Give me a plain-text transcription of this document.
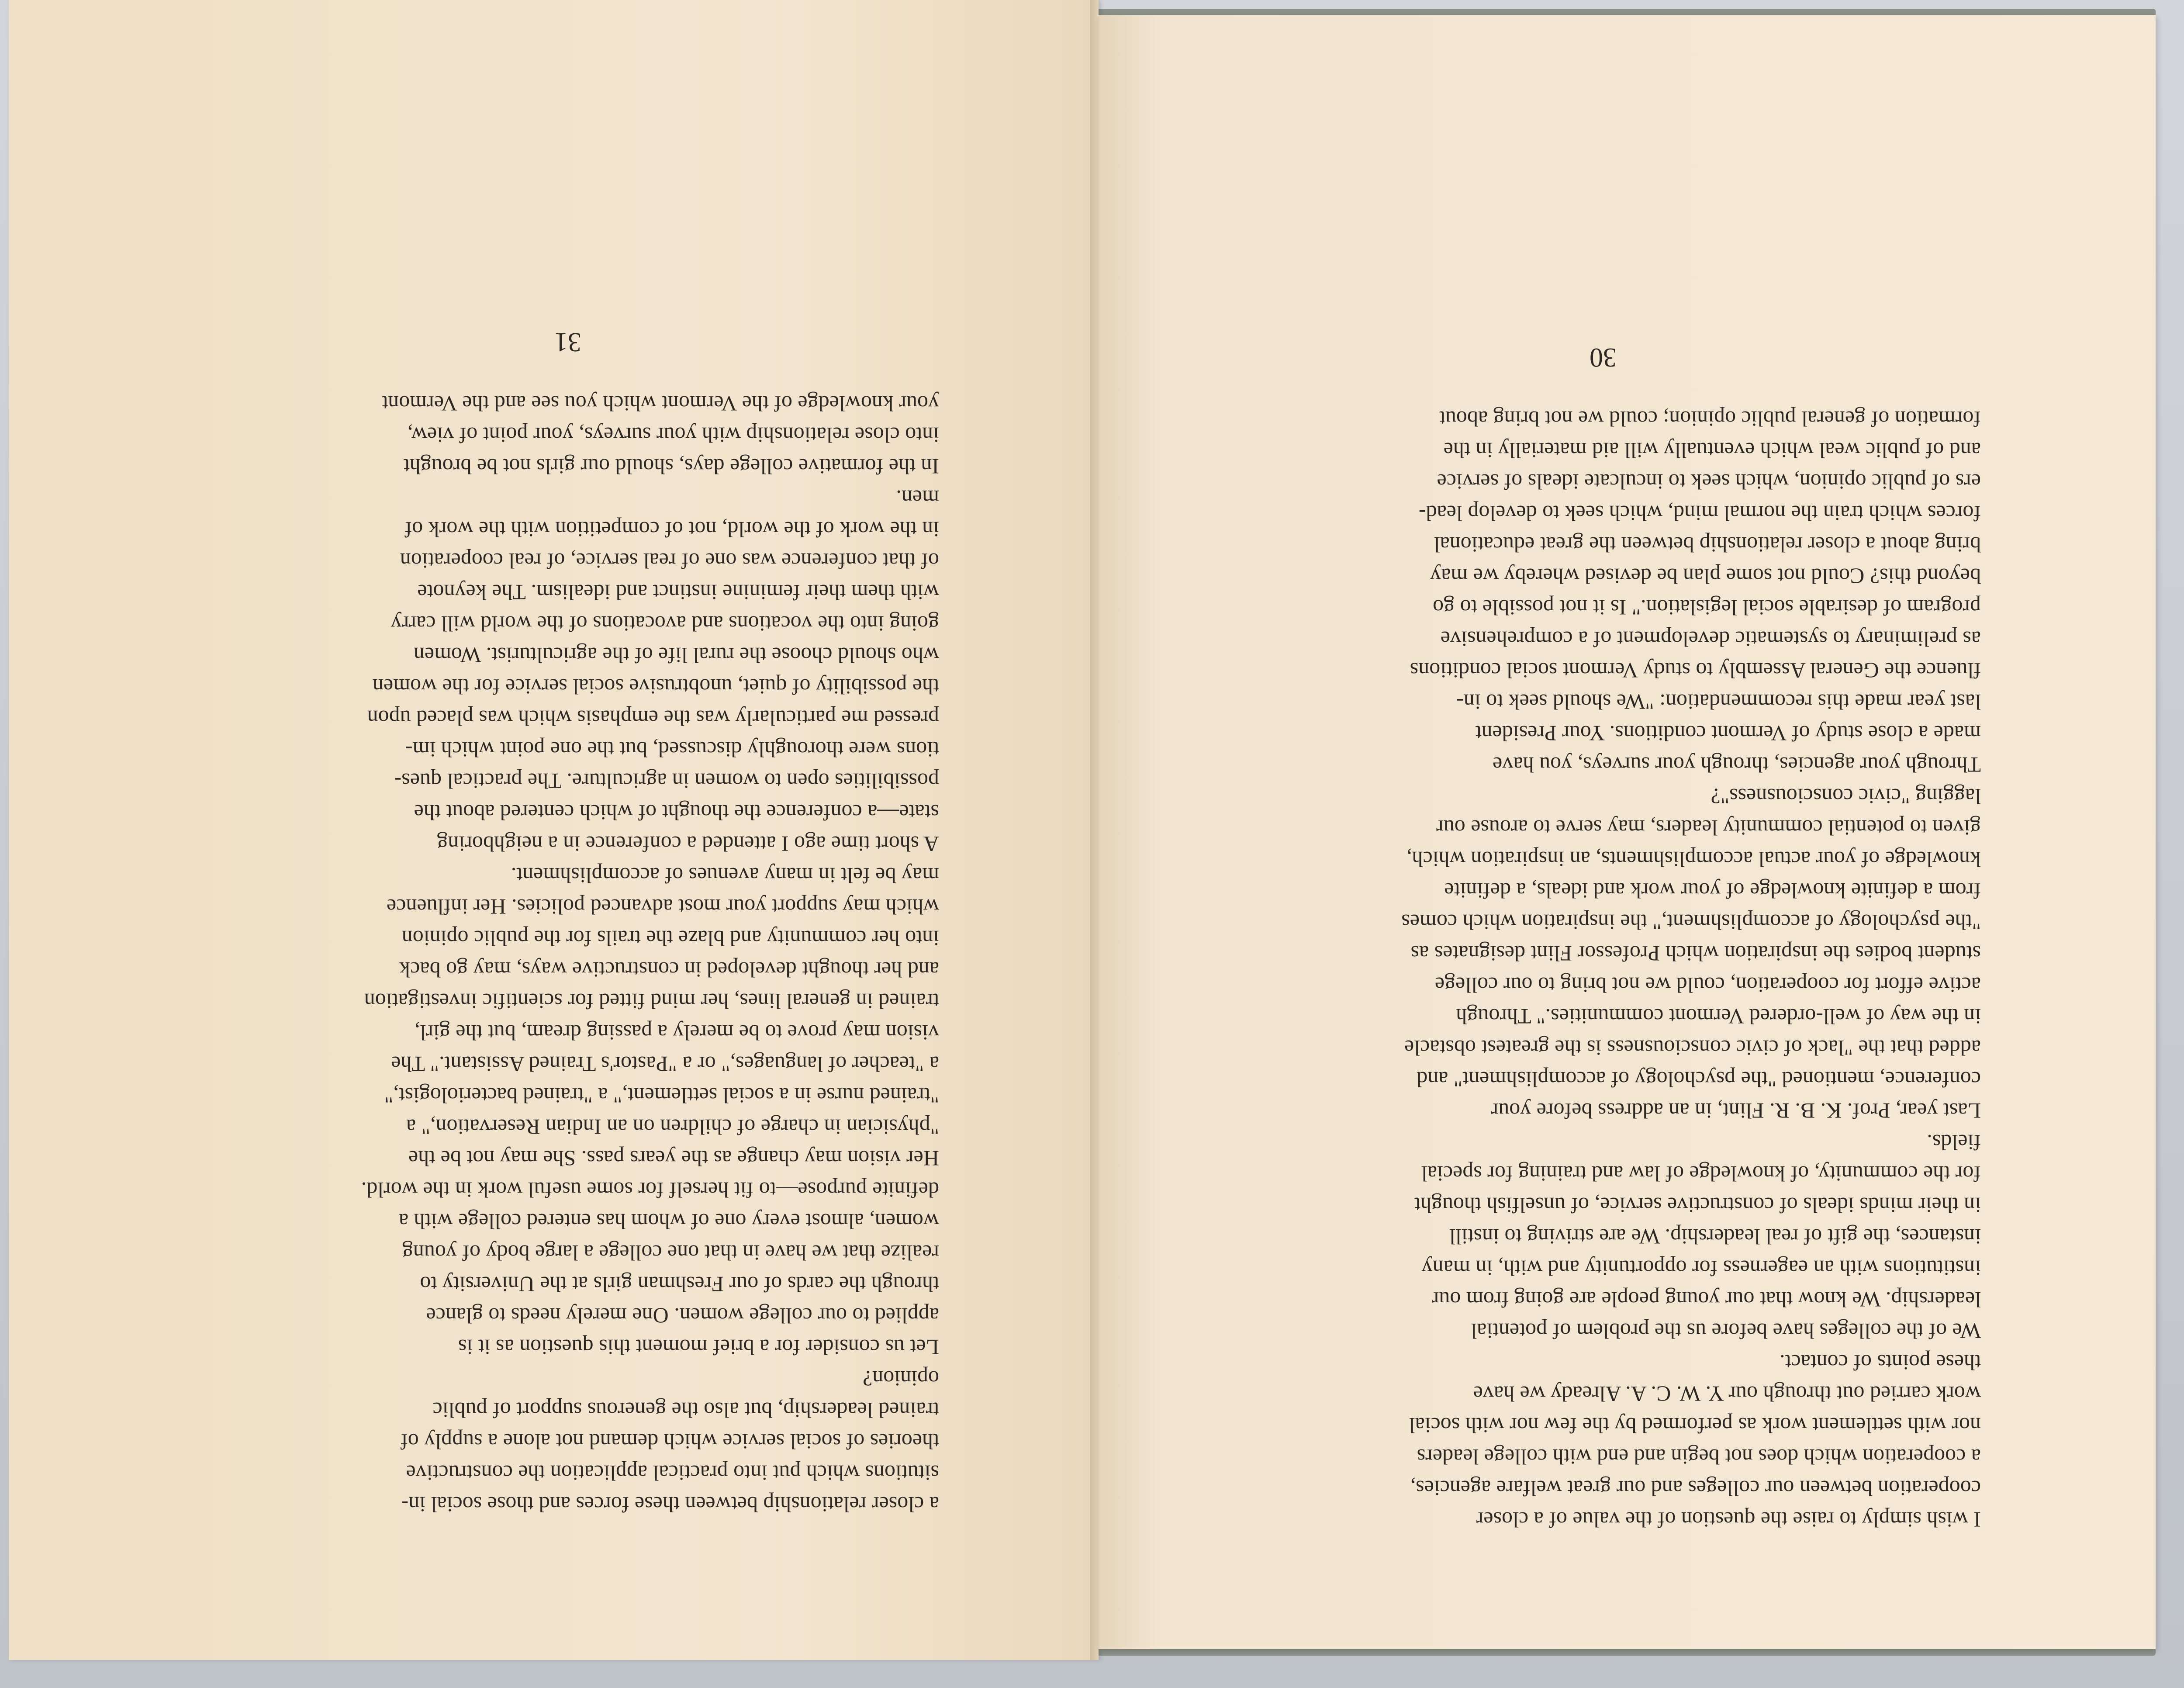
a closer relationship between these forces and those social in-

situtions which put into practical application the constructive

theories of social service which demand not alone a supply of

trained leadership, but also the generous support of public

opinion?

Let us consider for a brief moment this question as it is

applied to our college women. One merely needs to glance

through the cards of our Freshman girls at the University to

realize that we have in that one college a large body of young

women, almost every one of whom has entered college with a

definite purpose—to fit herself for some useful work in the world.

Her vision may change as the years pass. She may not be the

"physician in charge of children on an Indian Reservation," a

"trained nurse in a social settlement," a "trained bacteriologist,"

a "teacher of languages," or a "Pastor's Trained Assistant." The

vision may prove to be merely a passing dream, but the girl,

trained in general lines, her mind fitted for scientific investigation

and her thought developed in constructive ways, may go back

into her community and blaze the trails for the public opinion

which may support your most advanced policies. Her influence

may be felt in many avenues of accomplishment.

A short time ago I attended a conference in a neighboring

state—a conference the thought of which centered about the

possibilities open to women in agriculture. The practical ques-

tions were thoroughly discussed, but the one point which im-

pressed me particularly was the emphasis which was placed upon

the possibility of quiet, unobtrusive social service for the women

who should choose the rural life of the agriculturist. Women

going into the vocations and avocations of the world will carry

with them their feminine instinct and idealism. The keynote

of that conference was one of real service, of real cooperation

in the work of the world, not of competition with the work of

men.

In the formative college days, should our girls not be brought

into close relationship with your surveys, your point of view,

your knowledge of the Vermont which you see and the Vermont

31

I wish simply to raise the question of the value of a closer

cooperation between our colleges and our great welfare agencies,

a cooperation which does not begin and end with college leaders

nor with settlement work as performed by the few nor with social

work carried out through our Y. W. C. A. Already we have

these points of contact.

We of the colleges have before us the problem of potential

leadership. We know that our young people are going from our

institutions with an eagerness for opportunity and with, in many

instances, the gift of real leadership. We are striving to instill

in their minds ideals of constructive service, of unselfish thought

for the community, of knowledge of law and training for special

fields.

Last year, Prof. K. B. R. Flint, in an address before your

conference, mentioned "the psychology of accomplishment" and

added that the "lack of civic consciousness is the greatest obstacle

in the way of well-ordered Vermont communities." Through

active effort for cooperation, could we not bring to our college

student bodies the inspiration which Professor Flint designates as

"the psychology of accomplishment," the inspiration which comes

from a definite knowledge of your work and ideals, a definite

knowledge of your actual accomplishments, an inspiration which,

given to potential community leaders, may serve to arouse our

lagging "civic consciousness"?

Through your agencies, through your surveys, you have

made a close study of Vermont conditions. Your President

last year made this recommendation: "We should seek to in-

fluence the General Assembly to study Vermont social conditions

as preliminary to systematic development of a comprehensive

program of desirable social legislation." Is it not possible to go

beyond this? Could not some plan be devised whereby we may

bring about a closer relationship between the great educational

forces which train the normal mind, which seek to develop lead-

ers of public opinion, which seek to inculcate ideals of service

and of public weal which eventually will aid materially in the

formation of general public opinion; could we not bring about

30
